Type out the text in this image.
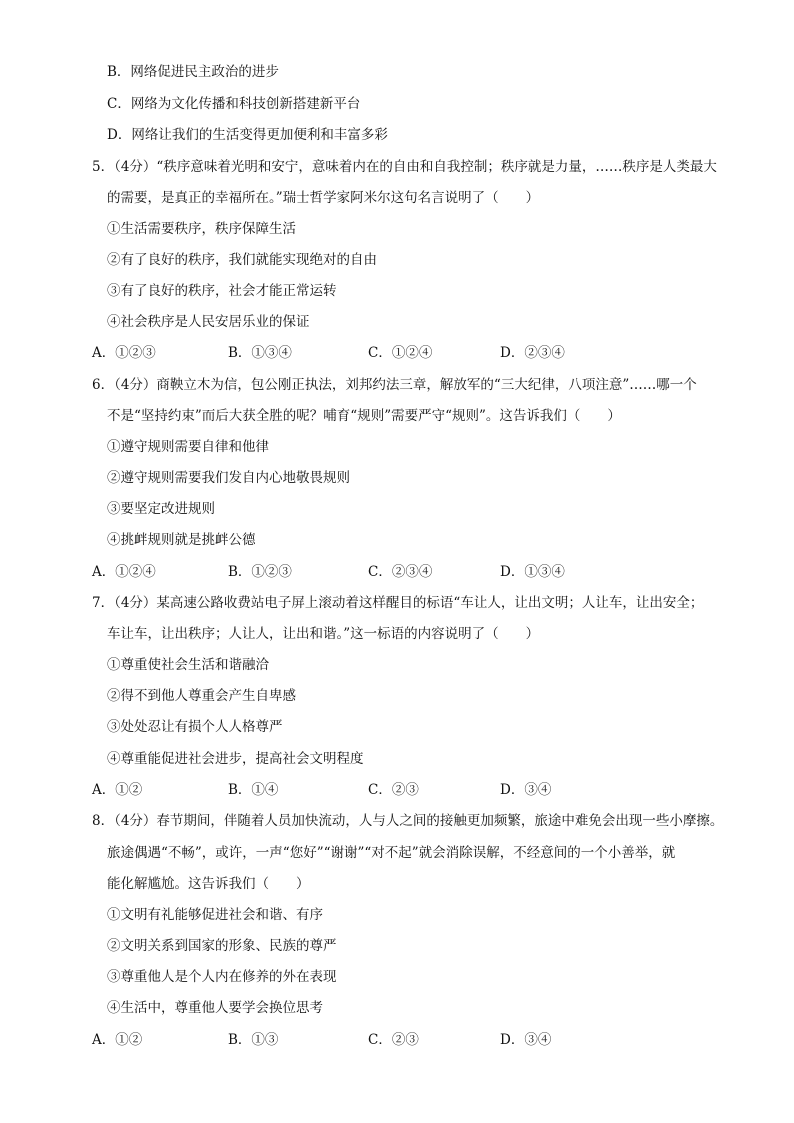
B．网络促进民主政治的进步
C．网络为文化传播和科技创新搭建新平台
D．网络让我们的生活变得更加便利和丰富多彩
5．（4分）“秩序意味着光明和安宁，意味着内在的自由和自我控制；秩序就是力量，……秩序是人类最大
的需要，是真正的幸福所在。”瑞士哲学家阿米尔这句名言说明了（　　）
①生活需要秩序，秩序保障生活
②有了良好的秩序，我们就能实现绝对的自由
③有了良好的秩序，社会才能正常运转
④社会秩序是人民安居乐业的保证
A．①②③	B．①③④	C．①②④	D．②③④
6．（4分）商鞅立木为信，包公刚正执法，刘邦约法三章，解放军的“三大纪律，八项注意”……哪一个
不是“坚持约束”而后大获全胜的呢？哺育“规则”需要严守“规则”。这告诉我们（　　）
①遵守规则需要自律和他律
②遵守规则需要我们发自内心地敬畏规则
③要坚定改进规则
④挑衅规则就是挑衅公德
A．①②④	B．①②③	C．②③④	D．①③④
7．（4分）某高速公路收费站电子屏上滚动着这样醒目的标语“车让人，让出文明；人让车，让出安全；
车让车，让出秩序；人让人，让出和谐。”这一标语的内容说明了（　　）
①尊重使社会生活和谐融洽
②得不到他人尊重会产生自卑感
③处处忍让有损个人人格尊严
④尊重能促进社会进步，提高社会文明程度
A．①②	B．①④	C．②③	D．③④
8．（4分）春节期间，伴随着人员加快流动，人与人之间的接触更加频繁，旅途中难免会出现一些小摩擦。
旅途偶遇“不畅”，或许，一声“您好”“谢谢”“对不起”就会消除误解，不经意间的一个小善举，就
能化解尴尬。这告诉我们（　　）
①文明有礼能够促进社会和谐、有序
②文明关系到国家的形象、民族的尊严
③尊重他人是个人内在修养的外在表现
④生活中，尊重他人要学会换位思考
A．①②	B．①③	C．②③	D．③④
